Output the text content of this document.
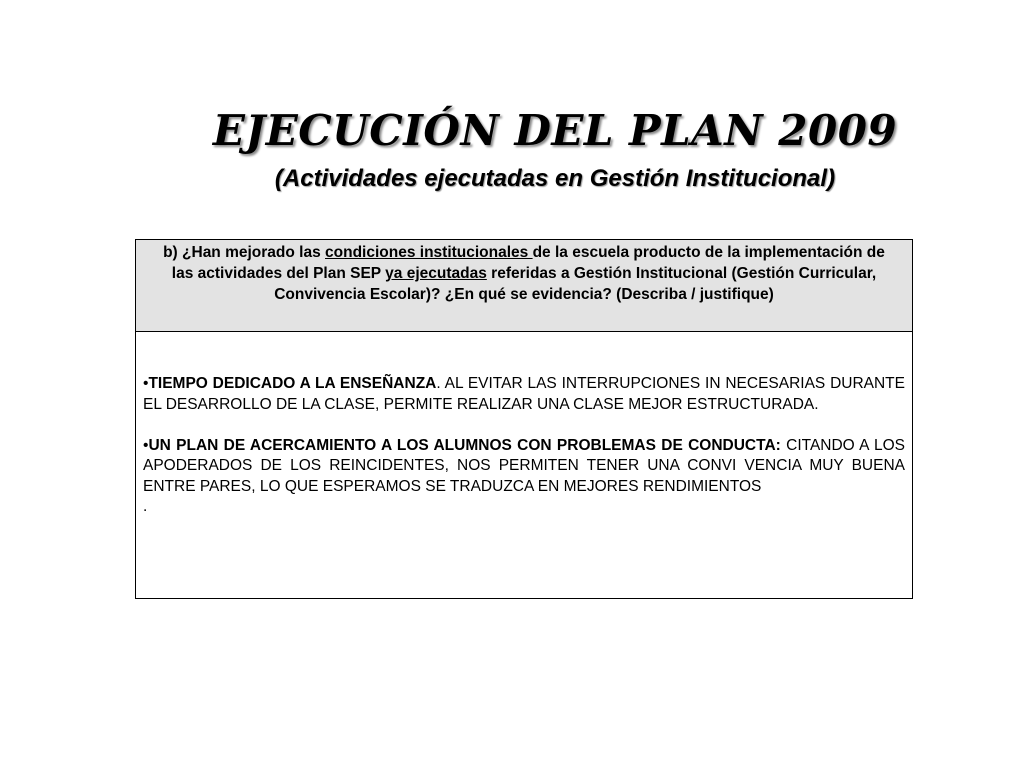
EJECUCIÓN DEL PLAN 2009
(Actividades ejecutadas en Gestión Institucional)
b) ¿Han mejorado las condiciones institucionales de la escuela producto de la implementación de las actividades del Plan SEP ya ejecutadas referidas a Gestión Institucional (Gestión Curricular, Convivencia Escolar)? ¿En qué se evidencia? (Describa / justifique)

•TIEMPO DEDICADO A LA ENSEÑANZA. AL EVITAR LAS INTERRUPCIONES IN NECESARIAS DURANTE EL DESARROLLO DE LA CLASE, PERMITE REALIZAR UNA CLASE MEJOR ESTRUCTURADA.

•UN PLAN DE ACERCAMIENTO A LOS ALUMNOS CON PROBLEMAS DE CONDUCTA: CITANDO A LOS APODERADOS DE LOS REINCIDENTES, NOS PERMITEN TENER UNA CONVI VENCIA MUY BUENA ENTRE PARES, LO QUE ESPERAMOS SE TRADUZCA EN MEJORES RENDIMIENTOS

.
